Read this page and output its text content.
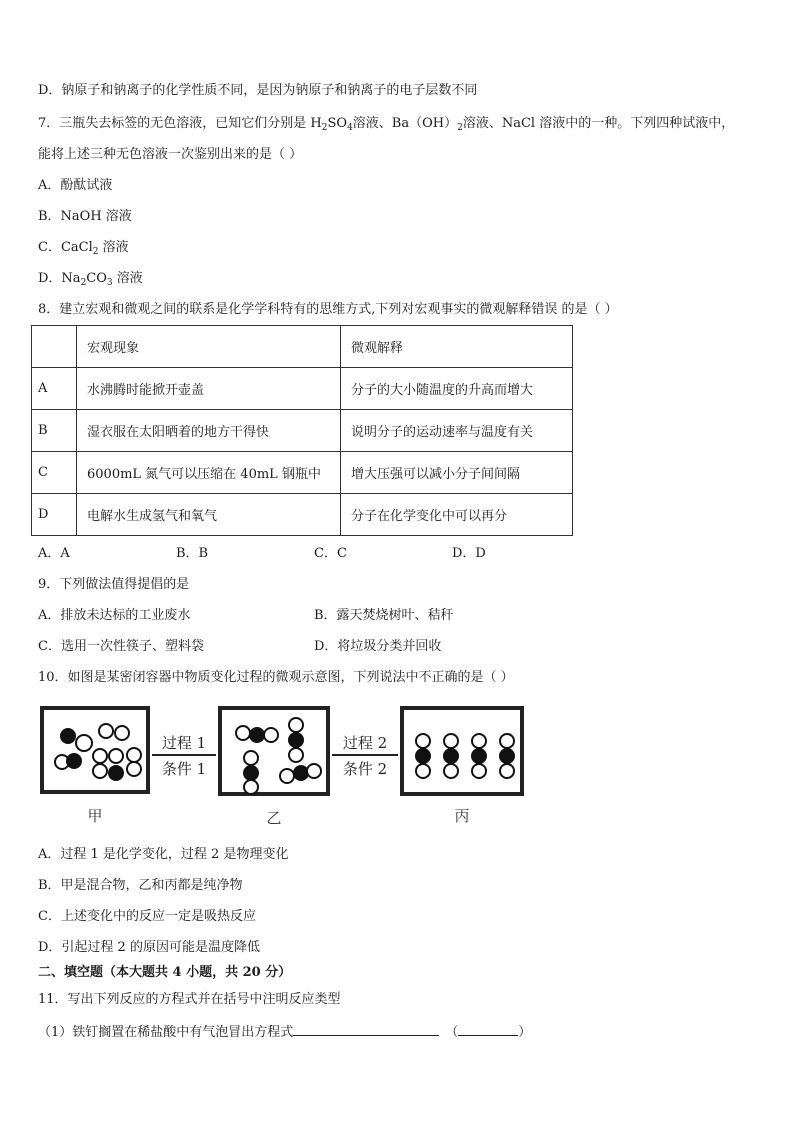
D．钠原子和钠离子的化学性质不同，是因为钠原子和钠离子的电子层数不同
7．三瓶失去标签的无色溶液，已知它们分别是 $H_2SO_4$溶液、$Ba(OH)_2$溶液、NaCl 溶液中的一种。下列四种试液中，
能将上述三种无色溶液一次鉴别出来的是（ ）
A．酚酞试液
B．NaOH 溶液
C．CaCl$_2$ 溶液
D．$Na_2CO_3$ 溶液
8．建立宏观和微观之间的联系是化学学科特有的思维方式,下列对宏观事实的微观解释错误 的是（ ）
	宏观现象	微观解释
A	水沸腾时能掀开壶盖	分子的大小随温度的升高而增大
B	湿衣服在太阳晒着的地方干得快	说明分子的运动速率与温度有关
C	6000mL 氮气可以压缩在 40mL 钢瓶中	增大压强可以减小分子间间隔
D	电解水生成氢气和氧气	分子在化学变化中可以再分
A．A	B．B	C．C	D．D
9．下列做法值得提倡的是
A．排放未达标的工业废水	B．露天焚烧树叶、秸秆
C．选用一次性筷子、塑料袋	D．将垃圾分类并回收
10．如图是某密闭容器中物质变化过程的微观示意图，下列说法中不正确的是（ ）
过程 1
条件 1
过程 2
条件 2
甲	乙	丙
A．过程 1 是化学变化，过程 2 是物理变化
B．甲是混合物，乙和丙都是纯净物
C．上述变化中的反应一定是吸热反应
D．引起过程 2 的原因可能是温度降低
二、填空题（本大题共 4 小题，共 20 分）
11．写出下列反应的方程式并在括号中注明反应类型
（1）铁钉搁置在稀盐酸中有气泡冒出方程式	（	）
